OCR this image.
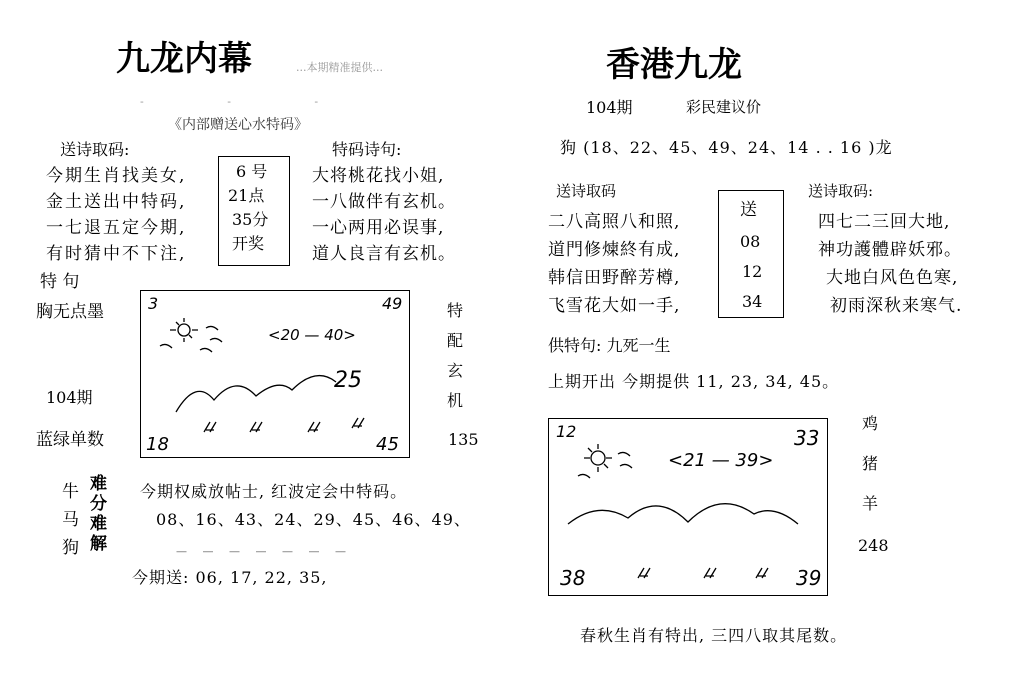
九龙内幕	...本期精准提供...
- - -
《内部赠送心水特码》
送诗取码:	特码诗句:
今期生肖找美女,
金土送出中特码,
一七退五定今期,
有时猜中不下注,
6 号
21点
35分
开奖
大将桃花找小姐,
一八做伴有玄机。
一心两用必误事,
道人良言有玄机。
特 句
胸无点墨
104期
蓝绿单数
3	49
18	45
<20 — 40>
25
特
配
玄
机
135
牛
马
狗
难
分
难
解
今期权威放帖士, 红波定会中特码。
08、16、43、24、29、45、46、49、
— — — — — — —
今期送: 06, 17, 22, 35,
香港九龙
104期	彩民建议价
狗 (18、22、45、49、24、14 . . 16 )龙
送诗取码	送诗取码:
二八高照八和照,
道門修煉終有成,
韩信田野醉芳樽,
飞雪花大如一手,
送
08
12
34
四七二三回大地,
神功護體辟妖邪。
大地白风色色寒,
初雨深秋来寒气.
供特句: 九死一生
上期开出 今期提供 11, 23, 34, 45。
12	33
38	39
<21 — 39>
鸡
猪
羊
248
春秋生肖有特出, 三四八取其尾数。
